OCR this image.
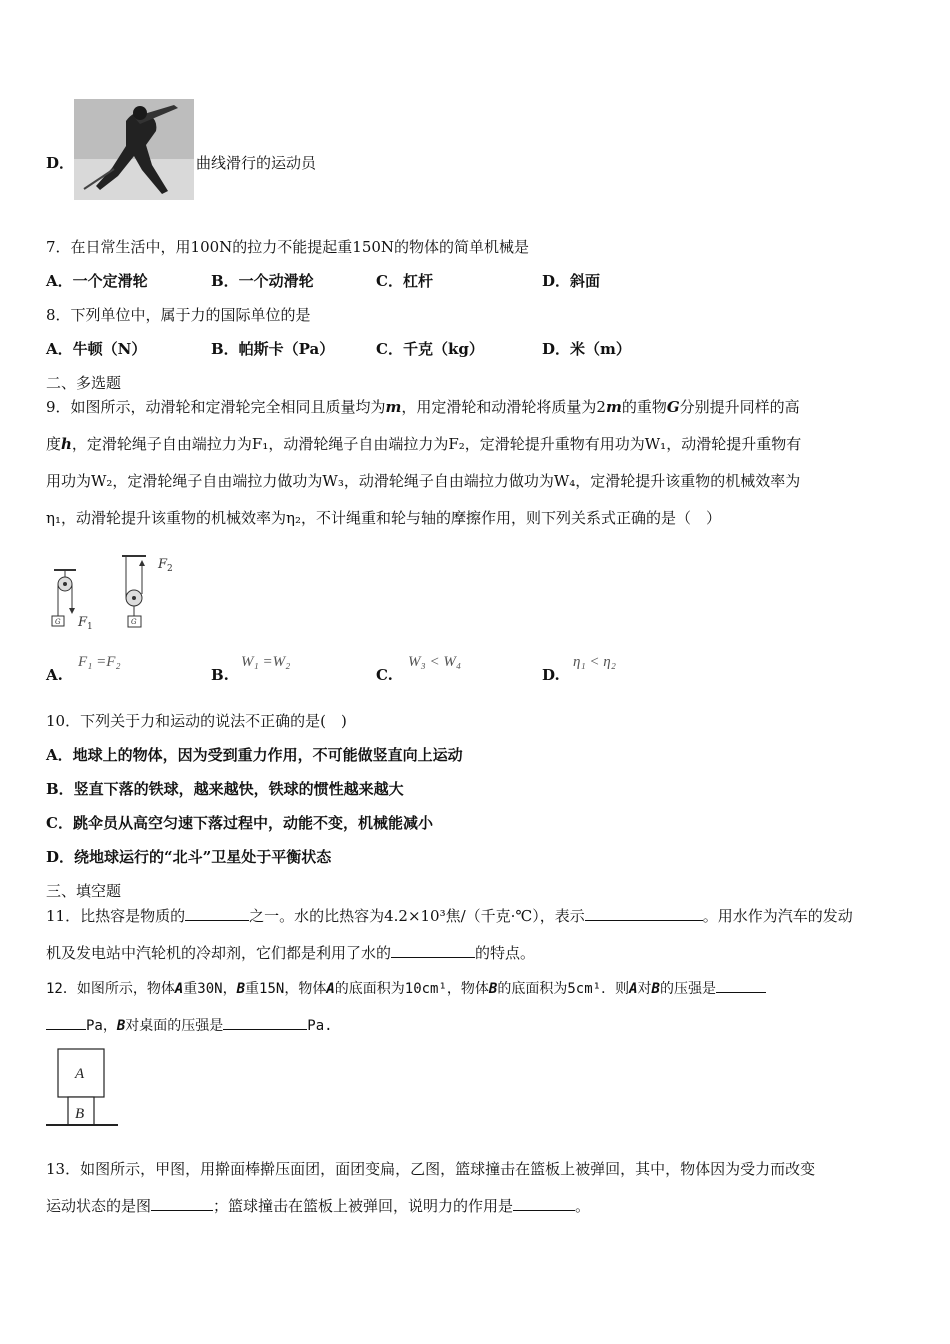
D．	曲线滑行的运动员
7．在日常生活中，用100N的拉力不能提起重150N的物体的简单机械是
A．一个定滑轮	B．一个动滑轮	C．杠杆	D．斜面
8．下列单位中，属于力的国际单位的是
A．牛顿（N）	B．帕斯卡（Pa）	C．千克（kg）	D．米（m）
二、多选题
9．如图所示，动滑轮和定滑轮完全相同且质量均为m，用定滑轮和动滑轮将质量为2m的重物G分别提升同样的高
度h，定滑轮绳子自由端拉力为F₁，动滑轮绳子自由端拉力为F₂，定滑轮提升重物有用功为W₁，动滑轮提升重物有
用功为W₂，定滑轮绳子自由端拉力做功为W₃，动滑轮绳子自由端拉力做功为W₄，定滑轮提升该重物的机械效率为
η₁，动滑轮提升该重物的机械效率为η₂，不计绳重和轮与轴的摩擦作用，则下列关系式正确的是（　）
G F 1	G
F 2
A.
F₁ =F₂
B.
W₁ =W₂
C.
W₃ < W₄
D.
η₁ < η₂
10．下列关于力和运动的说法不正确的是(　)
A．地球上的物体，因为受到重力作用，不可能做竖直向上运动
B．竖直下落的铁球，越来越快，铁球的惯性越来越大
C．跳伞员从高空匀速下落过程中，动能不变，机械能减小
D．绕地球运行的“北斗”卫星处于平衡状态
三、填空题
11．比热容是物质的	之一。水的比热容为4.2×10³焦/（千克·℃），表示	。用水作为汽车的发动
机及发电站中汽轮机的冷却剂，它们都是利用了水的	的特点。
12．如图所示，物体A重30N，B重15N，物体A的底面积为10cm¹，物体B的底面积为5cm¹．则A对B的压强是
Pa，B对桌面的压强是	Pa.
A
B
13．如图所示，甲图，用擀面棒擀压面团，面团变扁，乙图，篮球撞击在篮板上被弹回，其中，物体因为受力而改变
运动状态的是图	；篮球撞击在篮板上被弹回，说明力的作用是	。
